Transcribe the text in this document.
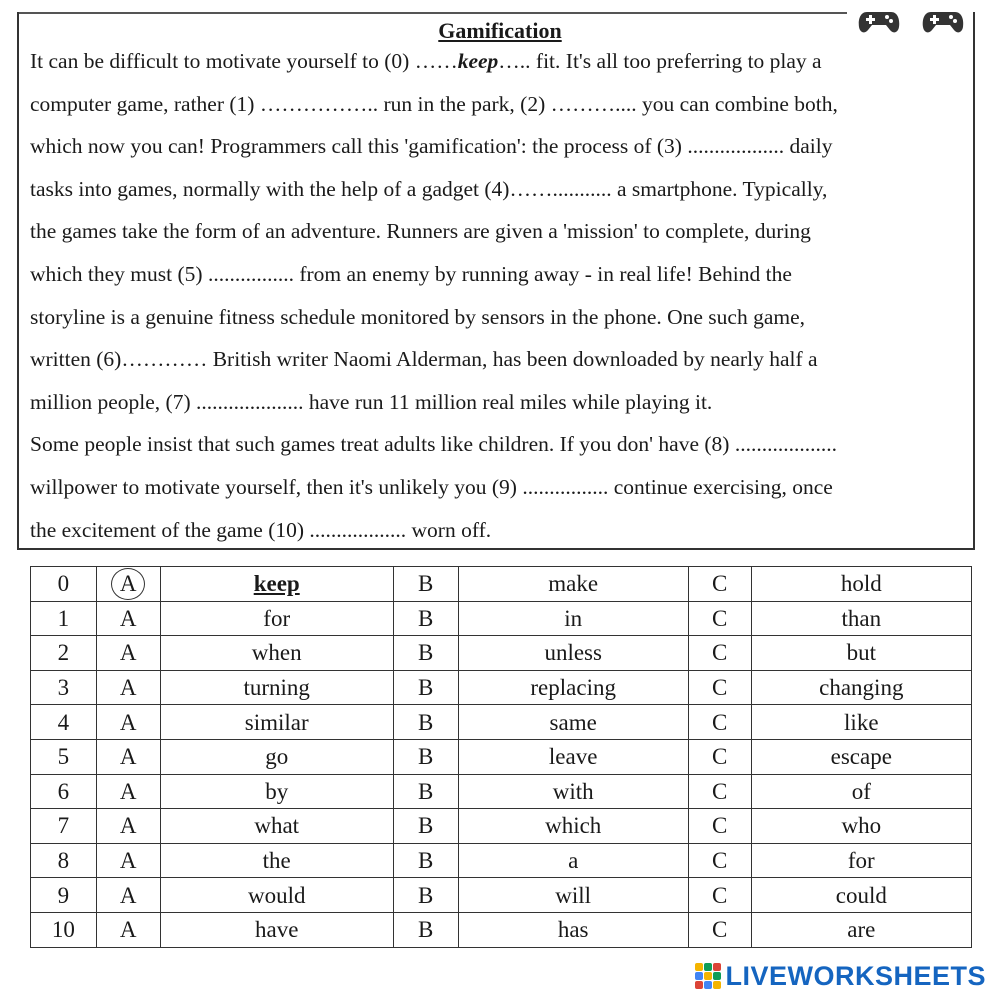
Gamification
It can be difficult to motivate yourself to (0) ……keep….. fit. It's all too preferring to play a
computer game, rather (1) …………….. run in the park, (2) ……….... you can combine both,
which now you can! Programmers call this 'gamification': the process of (3) .................. daily
tasks into games, normally with the help of a gadget (4)……........... a smartphone. Typically,
the games take the form of an adventure. Runners are given a 'mission' to complete, during
which they must (5) ................ from an enemy by running away - in real life! Behind the
storyline is a genuine fitness schedule monitored by sensors in the phone. One such game,
written (6)………… British writer Naomi Alderman, has been downloaded by nearly half a
million people, (7) .................... have run 11 million real miles while playing it.
Some people insist that such games treat adults like children. If you don' have (8) ...................
willpower to motivate yourself, then it's unlikely you (9) ................ continue exercising, once
the excitement of the game (10) .................. worn off.
0	A	keep	B	make	C	hold
1	A	for	B	in	C	than
2	A	when	B	unless	C	but
3	A	turning	B	replacing	C	changing
4	A	similar	B	same	C	like
5	A	go	B	leave	C	escape
6	A	by	B	with	C	of
7	A	what	B	which	C	who
8	A	the	B	a	C	for
9	A	would	B	will	C	could
10	A	have	B	has	C	are
LIVEWORKSHEETS
